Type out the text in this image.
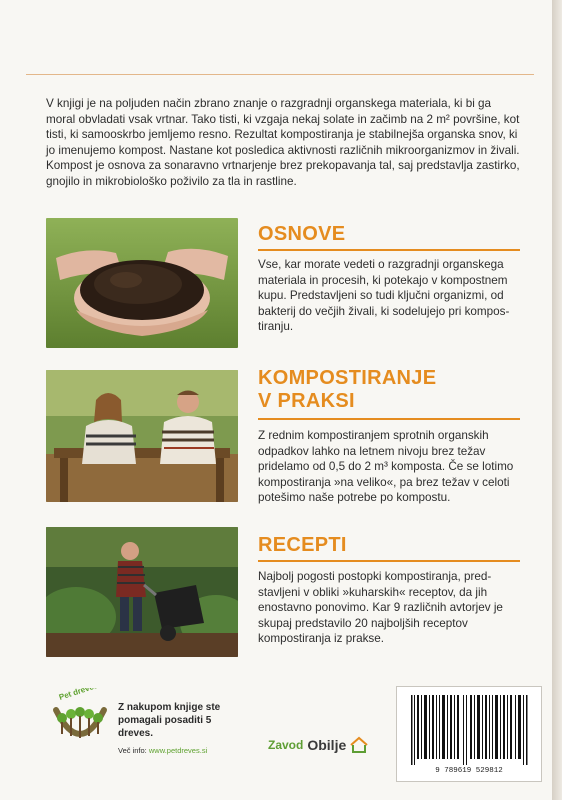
V knjigi je na poljuden način zbrano znanje o razgradnji organskega materiala, ki bi ga moral obvladati vsak vrtnar. Tako tisti, ki vzgaja nekaj solate in začimb na 2 m² površine, kot tisti, ki samooskrbo jemljemo resno. Rezultat kompostiranja je stabilnejša organska snov, ki jo imenujemo kompost. Nastane kot posledica aktivnosti različnih mikroorganizmov in živali. Kompost je osnova za sonaravno vrtnarjenje brez prekopavanja tal, saj predstavlja zastirko, gnojilo in mikrobiološko poživilo za tla in rastline.

OSNOVE

Vse, kar morate vedeti o razgradnji organskega materiala in procesih, ki potekajo v kompostnem kupu. Predstavljeni so tudi ključni organizmi, od bakterij do večjih živali, ki sodelujejo pri kompos-tiranju.

KOMPOSTIRANJE V PRAKSI

Z rednim kompostiranjem sprotnih organskih odpadkov lahko na letnem nivoju brez težav pridelamo od 0,5 do 2 m³ komposta. Če se lotimo kompostiranja »na veliko«, pa brez težav v celoti potešimo naše potrebe po kompostu.

RECEPTI

Najbolj pogosti postopki kompostiranja, pred-stavljeni v obliki »kuharskih« receptov, da jih enostavno ponovimo. Kar 9 različnih avtorjev je skupaj predstavilo 20 najboljših receptov kompostiranja iz prakse.

Pet dreves
Z nakupom knjige ste pomagali posaditi 5 dreves.
Več info: www.petdreves.si	Zavod Obilje
9 789619 529812
